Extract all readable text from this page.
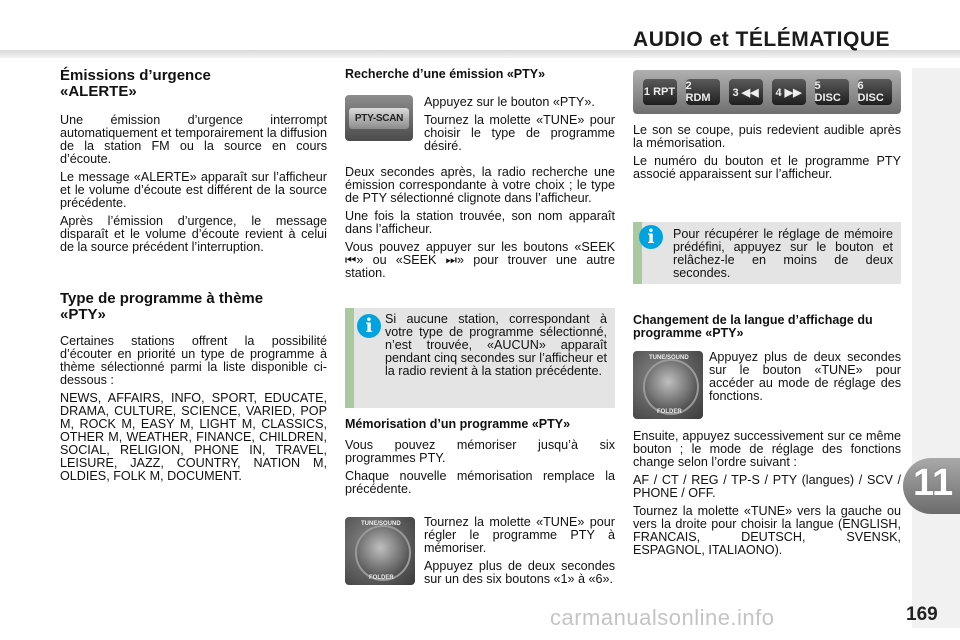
AUDIO et TÉLÉMATIQUE
11
169
Émissions d’urgence «ALERTE»

Une émission d’urgence interrompt automatiquement et temporairement la diffusion de la station FM ou la source en cours d’écoute.

Le message «ALERTE» apparaît sur l’afficheur et le volume d’écoute est différent de la source précédente.

Après l’émission d’urgence, le message disparaît et le volume d’écoute revient à celui de la source précédent l’interruption.

Type de programme à thème «PTY»

Certaines stations offrent la possibilité d’écouter en priorité un type de programme à thème sélectionné parmi la liste disponible ci-dessous :

NEWS, AFFAIRS, INFO, SPORT, EDUCATE, DRAMA, CULTURE, SCIENCE, VARIED, POP M, ROCK M, EASY M, LIGHT M, CLASSICS, OTHER M, WEATHER, FINANCE, CHILDREN, SOCIAL, RELIGION, PHONE IN, TRAVEL, LEISURE, JAZZ, COUNTRY, NATION M, OLDIES, FOLK M, DOCUMENT.

Recherche d’une émission «PTY»
PTY-SCAN

Appuyez sur le bouton «PTY».

Tournez la molette «TUNE» pour choisir le type de programme désiré.

Deux secondes après, la radio recherche une émission correspondante à votre choix ; le type de PTY sélectionné clignote dans l’afficheur.

Une fois la station trouvée, son nom apparaît dans l’afficheur.

Vous pouvez appuyer sur les boutons «SEEK ⏮» ou «SEEK ⏭» pour trouver une autre station.

i Si aucune station, correspondant à votre type de programme sélectionné, n’est trouvée, «AUCUN» apparaît pendant cinq secondes sur l’afficheur et la radio revient à la station précédente.

Mémorisation d’un programme «PTY»

Vous pouvez mémoriser jusqu’à six programmes PTY.

Chaque nouvelle mémorisation remplace la précédente.

TUNE/SOUND
FOLDER

Tournez la molette «TUNE» pour régler le programme PTY à mémoriser.

Appuyez plus de deux secondes sur un des six boutons «1» à «6».

1 RPT 2 RDM	3 ◀◀	4 ▶▶
5 DISC
6 DISC

Le son se coupe, puis redevient audible après la mémorisation.

Le numéro du bouton et le programme PTY associé apparaissent sur l’afficheur.

i	Pour récupérer le réglage de mémoire prédéfini, appuyez sur le bouton et relâchez-le en moins de deux secondes.

Changement de la langue d’affichage du programme «PTY»
TUNE/SOUND
FOLDER

Appuyez plus de deux secondes sur le bouton «TUNE» pour accéder au mode de réglage des fonctions.

Ensuite, appuyez successivement sur ce même bouton ; le mode de réglage des fonctions change selon l’ordre suivant :

AF / CT / REG / TP-S / PTY (langues) / SCV / PHONE / OFF.

Tournez la molette «TUNE» vers la gauche ou vers la droite pour choisir la langue (ENGLISH, FRANCAIS, DEUTSCH, SVENSK, ESPAGNOL, ITALIAONO).

carmanualsonline.info
